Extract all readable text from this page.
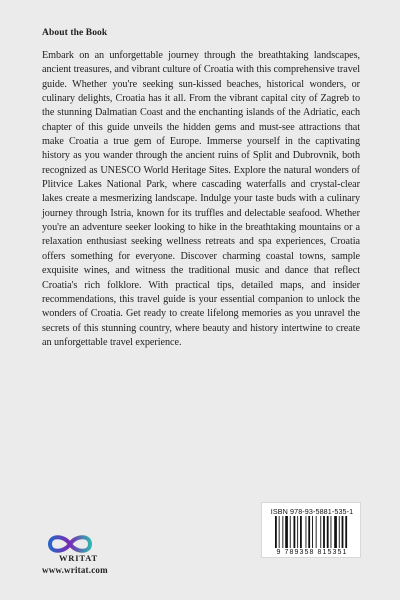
About the Book

Embark on an unforgettable journey through the breathtaking landscapes, ancient treasures, and vibrant culture of Croatia with this comprehensive travel guide. Whether you're seeking sun-kissed beaches, historical wonders, or culinary delights, Croatia has it all. From the vibrant capital city of Zagreb to the stunning Dalmatian Coast and the enchanting islands of the Adriatic, each chapter of this guide unveils the hidden gems and must-see attractions that make Croatia a true gem of Europe. Immerse yourself in the captivating history as you wander through the ancient ruins of Split and Dubrovnik, both recognized as UNESCO World Heritage Sites. Explore the natural wonders of Plitvice Lakes National Park, where cascading waterfalls and crystal-clear lakes create a mesmerizing landscape. Indulge your taste buds with a culinary journey through Istria, known for its truffles and delectable seafood. Whether you're an adventure seeker looking to hike in the breathtaking mountains or a relaxation enthusiast seeking wellness retreats and spa experiences, Croatia offers something for everyone. Discover charming coastal towns, sample exquisite wines, and witness the traditional music and dance that reflect Croatia's rich folklore. With practical tips, detailed maps, and insider recommendations, this travel guide is your essential companion to unlock the wonders of Croatia. Get ready to create lifelong memories as you unravel the secrets of this stunning country, where beauty and history intertwine to create an unforgettable travel experience.

ISBN 978-93-5881-535-1
9 789358 815351
WRITAT
www.writat.com
